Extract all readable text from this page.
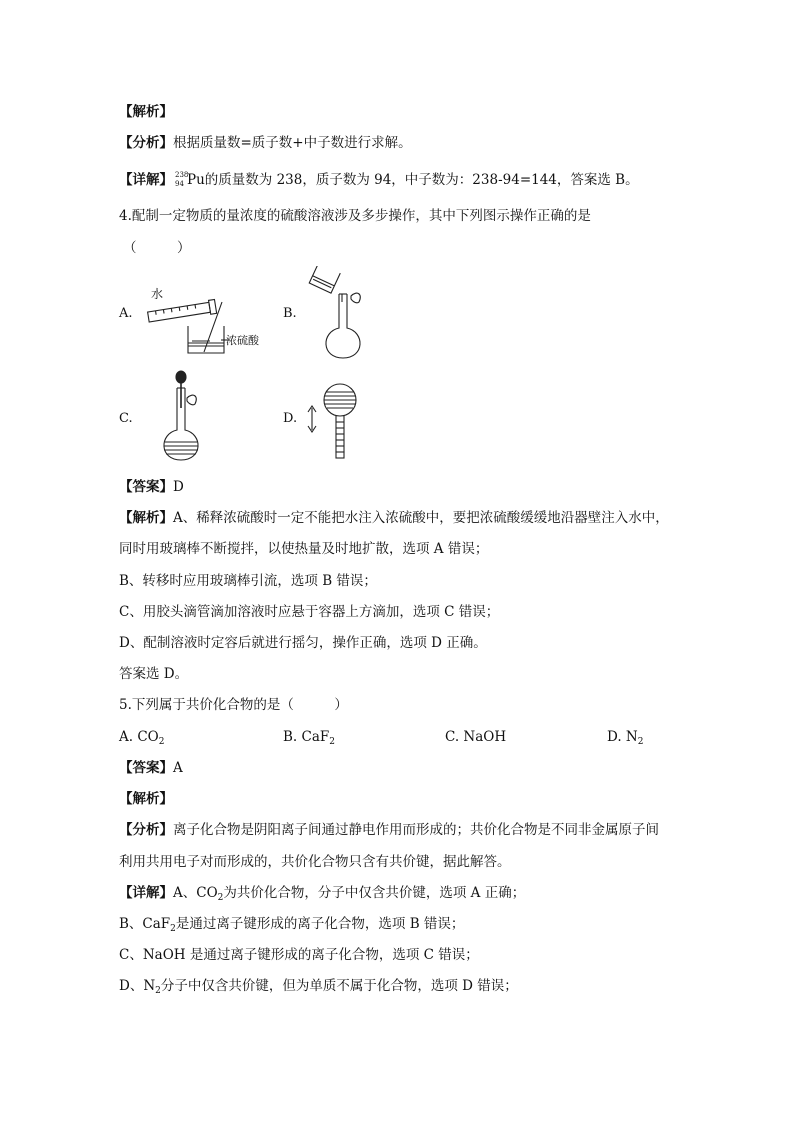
【解析】
【分析】根据质量数=质子数+中子数进行求解。
【详解】 238
94 Pu的质量数为 238，质子数为 94，中子数为：238-94=144，答案选 B。
4.配制一定物质的量浓度的硫酸溶液涉及多步操作，其中下列图示操作正确的是
（　　　）
A.
水
浓硫酸
B.
C.	D.
【答案】D
【解析】A、稀释浓硫酸时一定不能把水注入浓硫酸中，要把浓硫酸缓缓地沿器壁注入水中，
同时用玻璃棒不断搅拌，以使热量及时地扩散，选项 A 错误；
B、转移时应用玻璃棒引流，选项 B 错误；
C、用胶头滴管滴加溶液时应悬于容器上方滴加，选项 C 错误；
D、配制溶液时定容后就进行摇匀，操作正确，选项 D 正确。
答案选 D。
5.下列属于共价化合物的是（　　　）
A. $CO_2$	B. CaF$_2$	C. NaOH	D. $N_2$
【答案】A
【解析】
【分析】离子化合物是阴阳离子间通过静电作用而形成的；共价化合物是不同非金属原子间
利用共用电子对而形成的，共价化合物只含有共价键，据此解答。
【详解】A、$CO_2$为共价化合物，分子中仅含共价键，选项 A 正确；
B、CaF$_2$是通过离子键形成的离子化合物，选项 B 错误；
C、NaOH 是通过离子键形成的离子化合物，选项 C 错误；
D、$N_2$分子中仅含共价键，但为单质不属于化合物，选项 D 错误；
